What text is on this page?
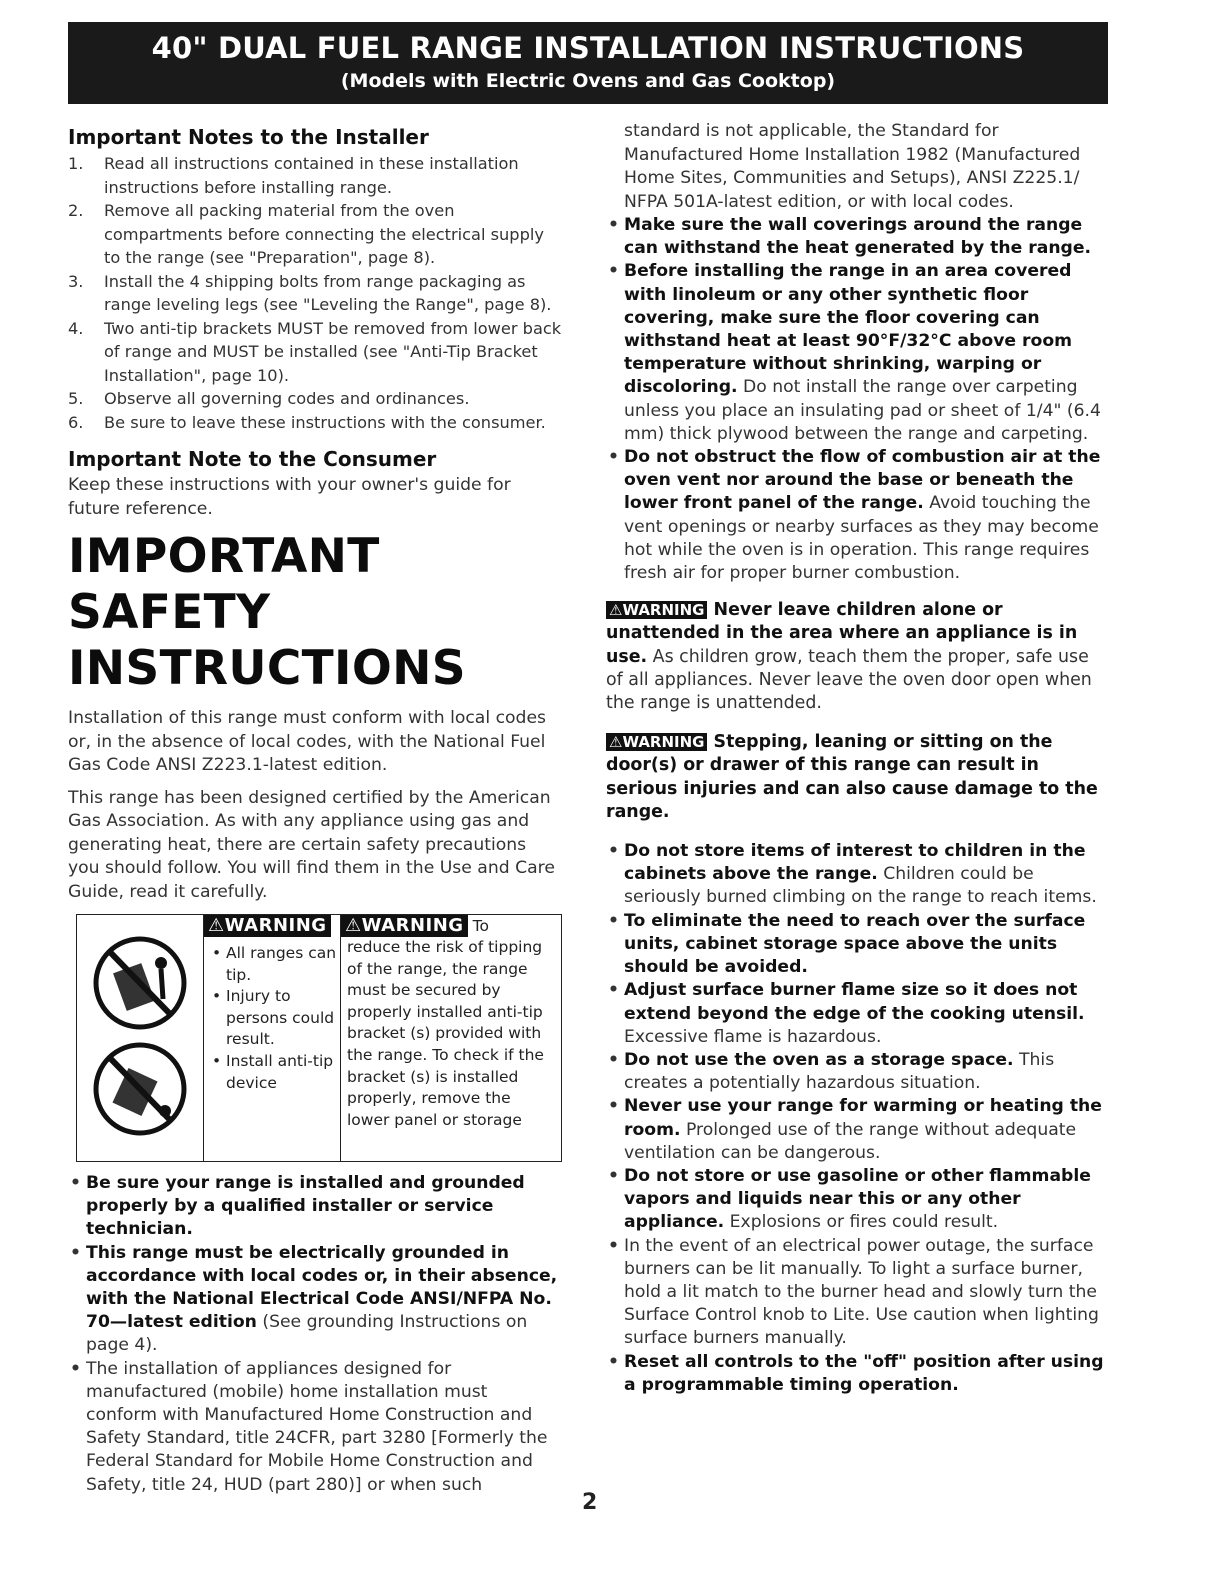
40" DUAL FUEL RANGE INSTALLATION INSTRUCTIONS
(Models with Electric Ovens and Gas Cooktop)
Important Notes to the Installer
1. Read all instructions contained in these installation instructions before installing range.
2. Remove all packing material from the oven compartments before connecting the electrical supply to the range (see "Preparation", page 8).
3. Install the 4 shipping bolts from range packaging as range leveling legs (see "Leveling the Range", page 8).
4. Two anti-tip brackets MUST be removed from lower back of range and MUST be installed (see "Anti-Tip Bracket Installation", page 10).
5. Observe all governing codes and ordinances.
6. Be sure to leave these instructions with the consumer.
Important Note to the Consumer

Keep these instructions with your owner's guide for future reference.

IMPORTANT SAFETY INSTRUCTIONS

Installation of this range must conform with local codes or, in the absence of local codes, with the National Fuel Gas Code ANSI Z223.1-latest edition.

This range has been designed certified by the American Gas Association. As with any appliance using gas and generating heat, there are certain safety precautions you should follow. You will find them in the Use and Care Guide, read it carefully.

⚠WARNING
• All ranges can tip.
• Injury to persons could result.
• Install anti-tip device
⚠WARNING To
reduce the risk of tipping of the range, the range must be secured by properly installed anti-tip bracket (s) provided with the range. To check if the bracket (s) is installed properly, remove the lower panel or storage
• Be sure your range is installed and grounded properly by a qualified installer or service technician.
• This range must be electrically grounded in accordance with local codes or, in their absence, with the National Electrical Code ANSI/NFPA No. 70—latest edition (See grounding Instructions on page 4).
• The installation of appliances designed for manufactured (mobile) home installation must conform with Manufactured Home Construction and Safety Standard, title 24CFR, part 3280 [Formerly the Federal Standard for Mobile Home Construction and Safety, title 24, HUD (part 280)] or when such

standard is not applicable, the Standard for Manufactured Home Installation 1982 (Manufactured Home Sites, Communities and Setups), ANSI Z225.1/ NFPA 501A-latest edition, or with local codes.

• Make sure the wall coverings around the range can withstand the heat generated by the range.
• Before installing the range in an area covered with linoleum or any other synthetic floor covering, make sure the floor covering can withstand heat at least 90°F/32°C above room temperature without shrinking, warping or discoloring. Do not install the range over carpeting unless you place an insulating pad or sheet of 1/4" (6.4 mm) thick plywood between the range and carpeting.
• Do not obstruct the flow of combustion air at the oven vent nor around the base or beneath the lower front panel of the range. Avoid touching the vent openings or nearby surfaces as they may become hot while the oven is in operation. This range requires fresh air for proper burner combustion.
⚠WARNING Never leave children alone or unattended in the area where an appliance is in use. As children grow, teach them the proper, safe use of all appliances. Never leave the oven door open when the range is unattended.
⚠WARNING Stepping, leaning or sitting on the door(s) or drawer of this range can result in serious injuries and can also cause damage to the range.
• Do not store items of interest to children in the cabinets above the range. Children could be seriously burned climbing on the range to reach items.
• To eliminate the need to reach over the surface units, cabinet storage space above the units should be avoided.
• Adjust surface burner flame size so it does not extend beyond the edge of the cooking utensil. Excessive flame is hazardous.
• Do not use the oven as a storage space. This creates a potentially hazardous situation.
• Never use your range for warming or heating the room. Prolonged use of the range without adequate ventilation can be dangerous.
• Do not store or use gasoline or other flammable vapors and liquids near this or any other appliance. Explosions or fires could result.
• In the event of an electrical power outage, the surface burners can be lit manually. To light a surface burner, hold a lit match to the burner head and slowly turn the Surface Control knob to Lite. Use caution when lighting surface burners manually.
• Reset all controls to the "off" position after using a programmable timing operation.
2
